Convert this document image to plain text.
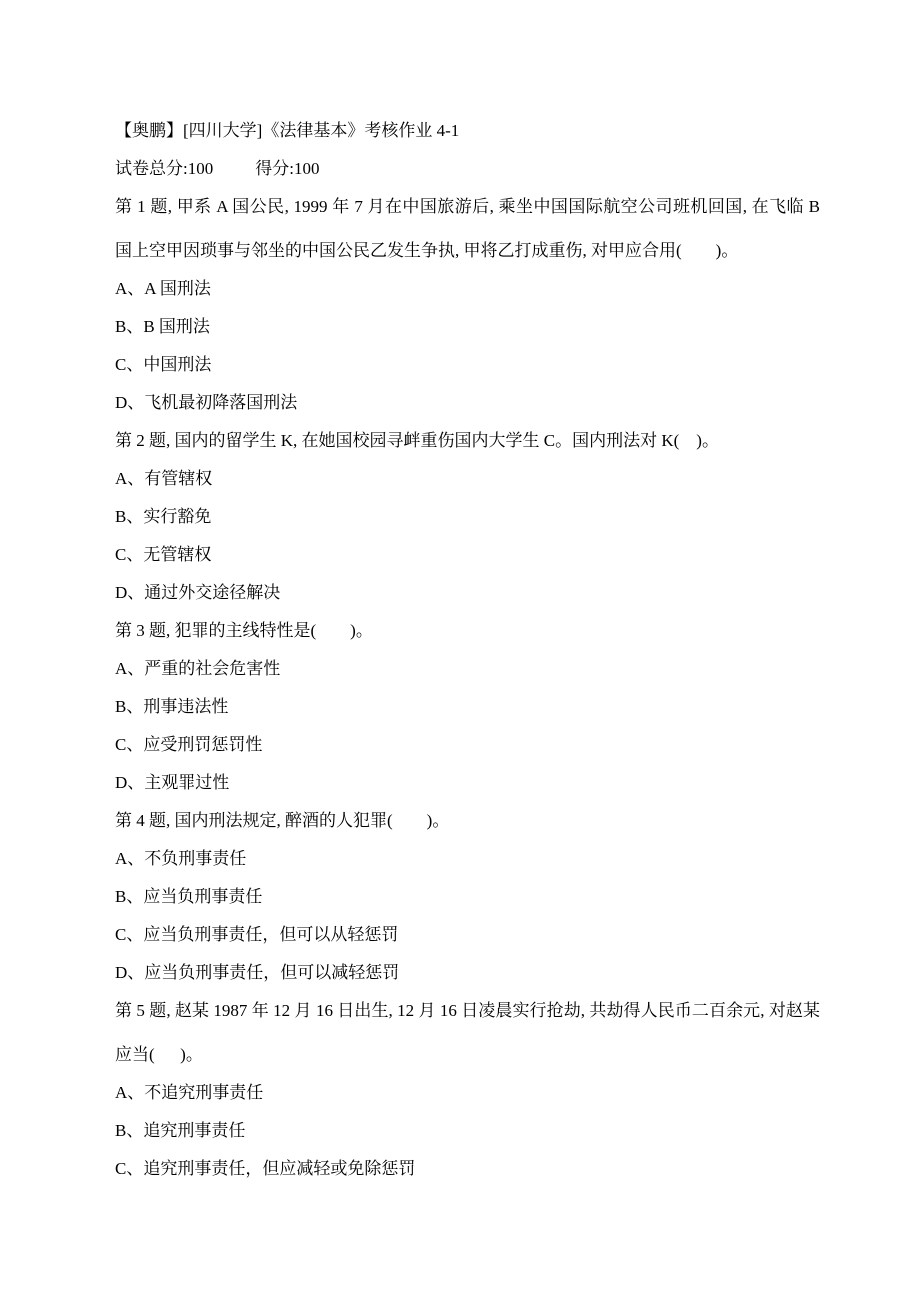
【奥鹏】[四川大学]《法律基本》考核作业 4-1

试卷总分:100 得分:100

第 1 题, 甲系 A 国公民, 1999 年 7 月在中国旅游后, 乘坐中国国际航空公司班机回国, 在飞临 B 国上空甲因琐事与邻坐的中国公民乙发生争执, 甲将乙打成重伤, 对甲应合用(        )。

A、A 国刑法

B、B 国刑法

C、中国刑法

D、飞机最初降落国刑法

第 2 题, 国内的留学生 K, 在她国校园寻衅重伤国内大学生 C。国内刑法对 K(    )。

A、有管辖权

B、实行豁免

C、无管辖权

D、通过外交途径解决

第 3 题, 犯罪的主线特性是(        )。

A、严重的社会危害性

B、刑事违法性

C、应受刑罚惩罚性

D、主观罪过性

第 4 题, 国内刑法规定, 醉酒的人犯罪(        )。

A、不负刑事责任

B、应当负刑事责任

C、应当负刑事责任，但可以从轻惩罚

D、应当负刑事责任，但可以减轻惩罚

第 5 题, 赵某 1987 年 12 月 16 日出生, 12 月 16 日凌晨实行抢劫, 共劫得人民币二百余元, 对赵某应当(      )。

A、不追究刑事责任

B、追究刑事责任

C、追究刑事责任，但应减轻或免除惩罚
